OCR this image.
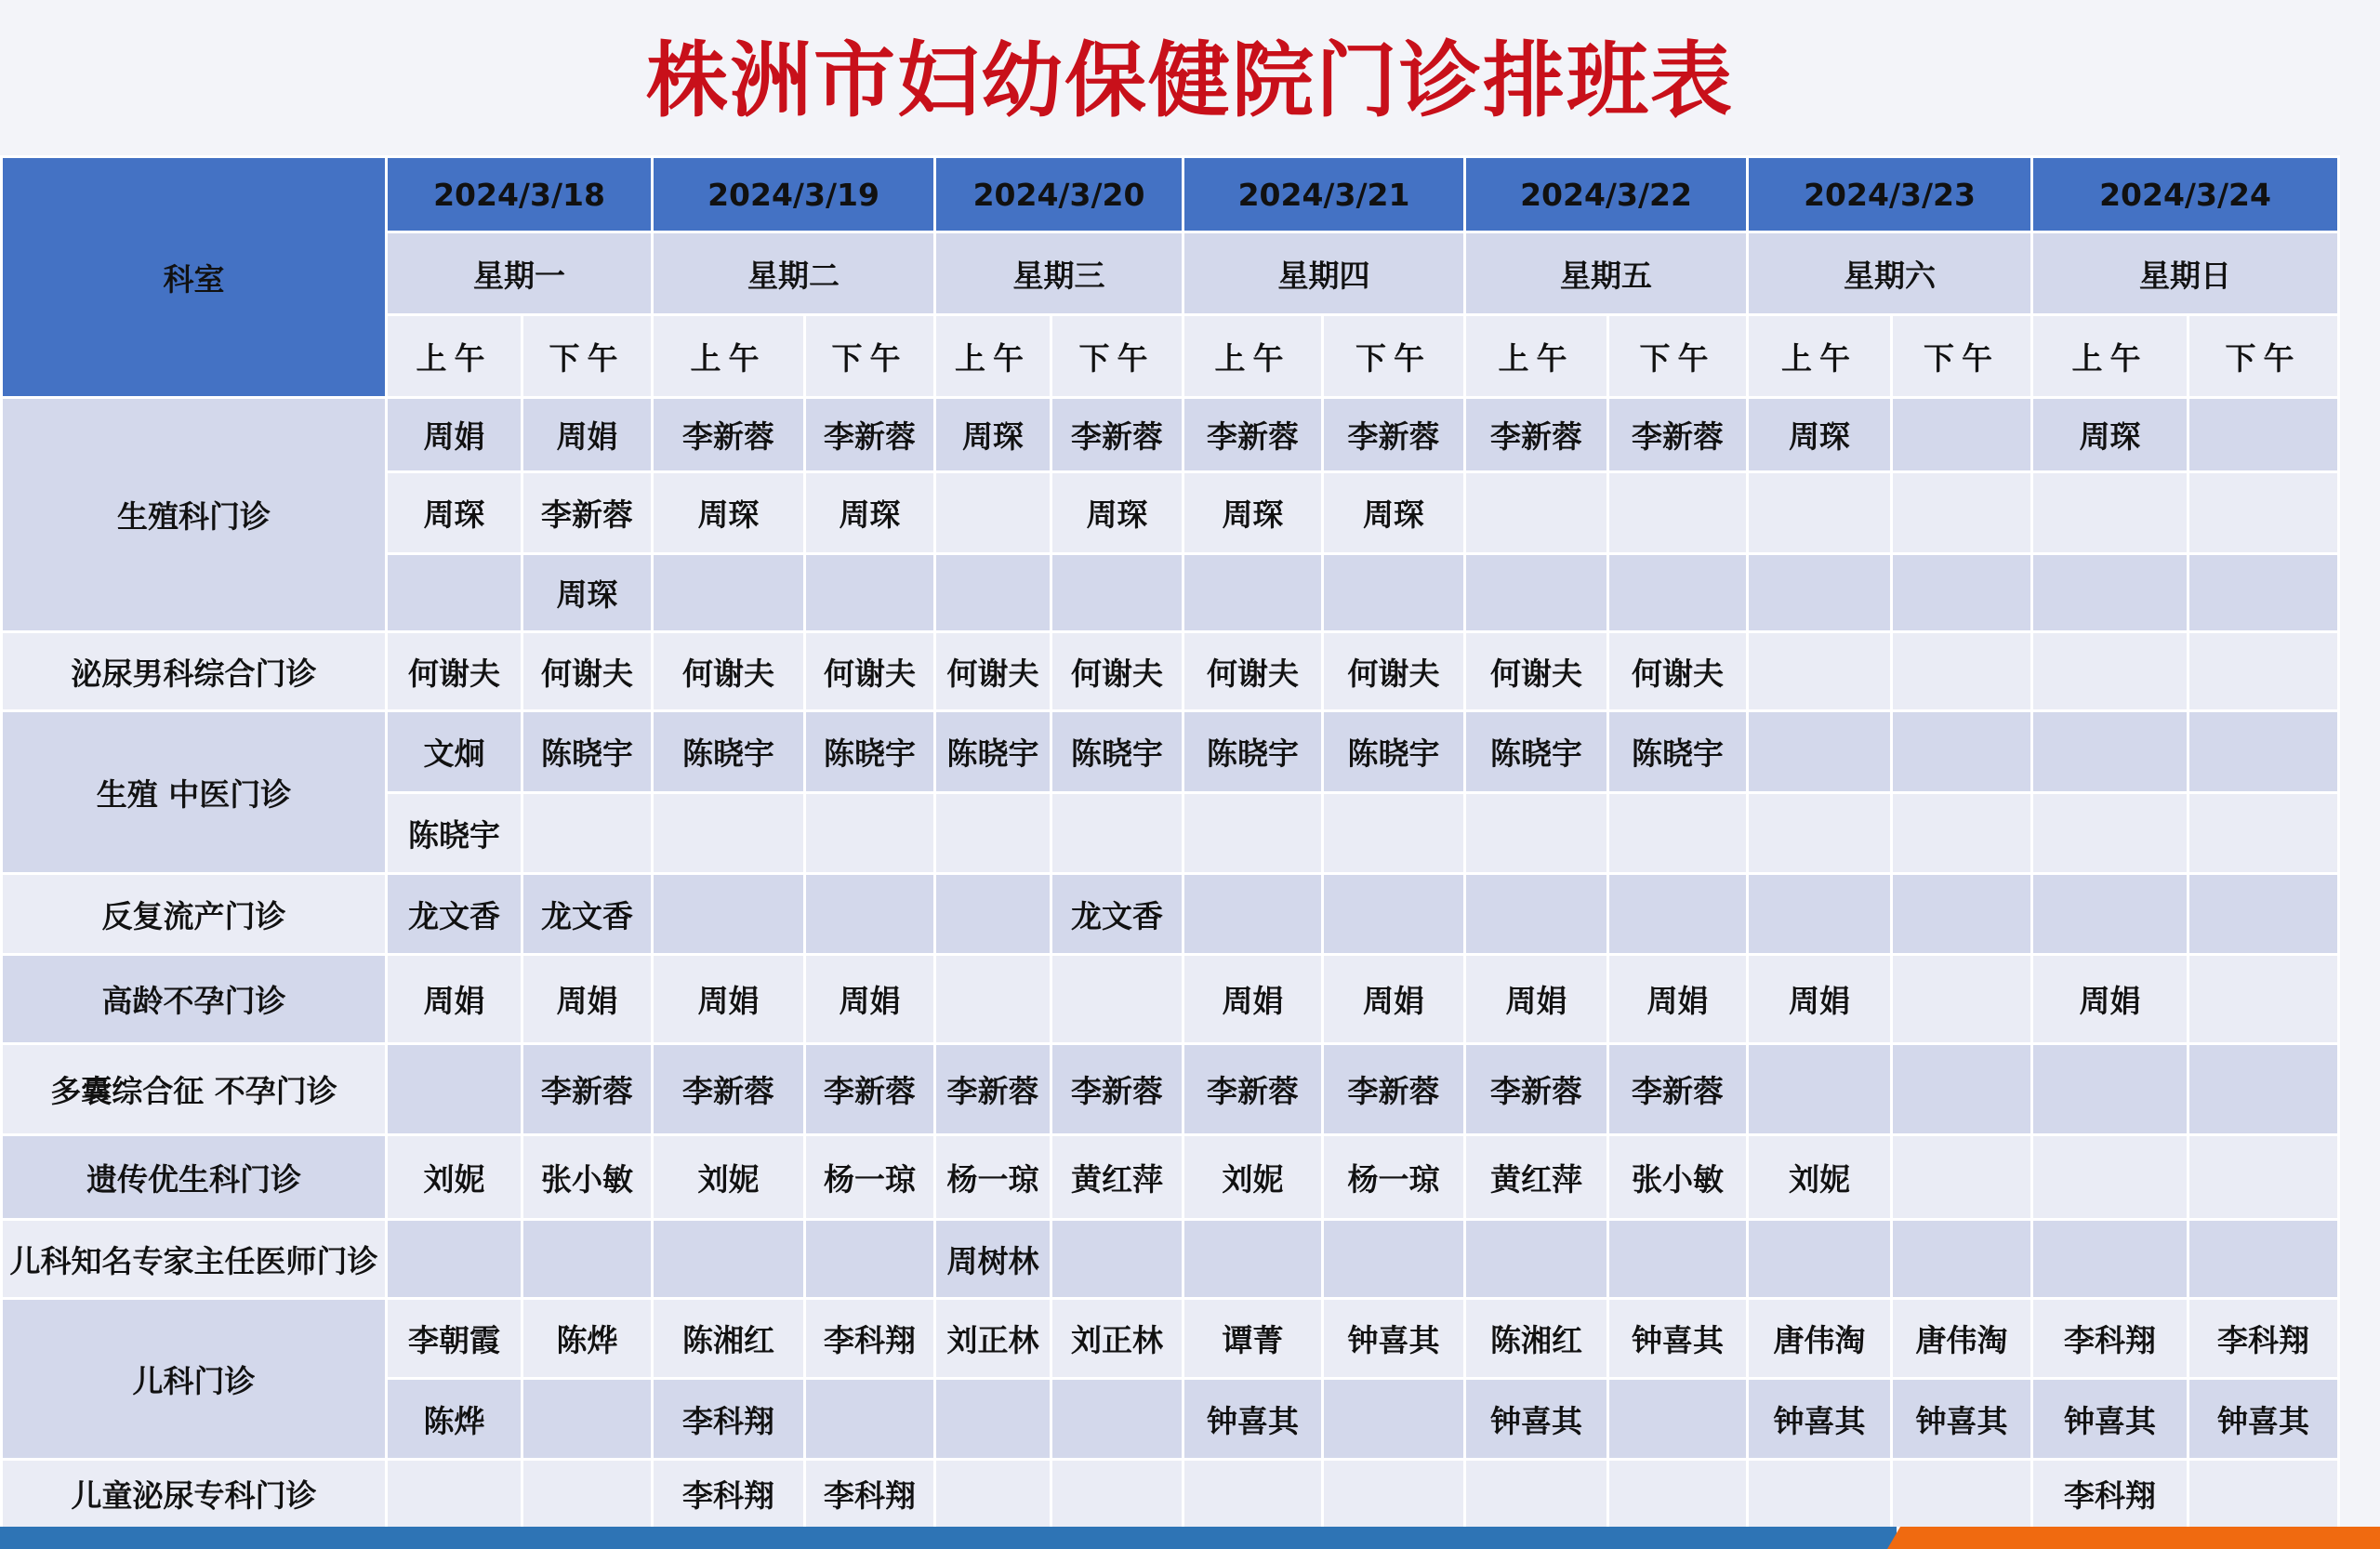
株洲市妇幼保健院门诊排班表
科室	2024/3/18		2024/3/19		2024/3/20		2024/3/21		2024/3/22		2024/3/23		2024/3/24	
	星期一		星期二		星期三		星期四		星期五		星期六		星期日	
	上午	下午	上午	下午	上午	下午	上午	下午	上午	下午	上午	下午	上午	下午
生殖科门诊	周娟	周娟	李新蓉	李新蓉	周琛	李新蓉	李新蓉	李新蓉	李新蓉	李新蓉	周琛		周琛	
	周琛	李新蓉	周琛	周琛		周琛	周琛	周琛						
		周琛												
泌尿男科综合门诊	何谢夫	何谢夫	何谢夫	何谢夫	何谢夫	何谢夫	何谢夫	何谢夫	何谢夫	何谢夫				
生殖 中医门诊	文炯	陈晓宇	陈晓宇	陈晓宇	陈晓宇	陈晓宇	陈晓宇	陈晓宇	陈晓宇	陈晓宇				
	陈晓宇													
反复流产门诊	龙文香	龙文香				龙文香								
高龄不孕门诊	周娟	周娟	周娟	周娟			周娟	周娟	周娟	周娟	周娟		周娟	
多囊综合征 不孕门诊		李新蓉	李新蓉	李新蓉	李新蓉	李新蓉	李新蓉	李新蓉	李新蓉	李新蓉				
遗传优生科门诊	刘妮	张小敏	刘妮	杨一琼	杨一琼	黄红萍	刘妮	杨一琼	黄红萍	张小敏	刘妮			
儿科知名专家主任医师门诊					周树林									
儿科门诊	李朝霞	陈烨	陈湘红	李科翔	刘正林	刘正林	谭菁	钟喜其	陈湘红	钟喜其	唐伟淘	唐伟淘	李科翔	李科翔
	陈烨		李科翔				钟喜其		钟喜其		钟喜其	钟喜其	钟喜其	钟喜其
儿童泌尿专科门诊			李科翔	李科翔									李科翔	
